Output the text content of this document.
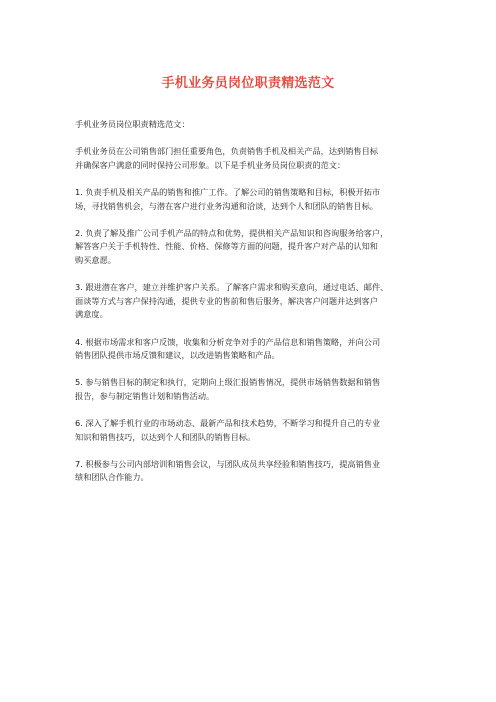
手机业务员岗位职责精选范文

手机业务员岗位职责精选范文：

手机业务员在公司销售部门担任重要角色，负责销售手机及相关产品，达到销售目标
并确保客户满意的同时保持公司形象。以下是手机业务员岗位职责的范文：

1. 负责手机及相关产品的销售和推广工作。了解公司的销售策略和目标，积极开拓市
场，寻找销售机会，与潜在客户进行业务沟通和洽谈，达到个人和团队的销售目标。

2. 负责了解及推广公司手机产品的特点和优势，提供相关产品知识和咨询服务给客户，
解答客户关于手机特性、性能、价格、保修等方面的问题，提升客户对产品的认知和
购买意愿。

3. 跟进潜在客户，建立并维护客户关系。了解客户需求和购买意向，通过电话、邮件、
面谈等方式与客户保持沟通，提供专业的售前和售后服务，解决客户问题并达到客户
满意度。

4. 根据市场需求和客户反馈，收集和分析竞争对手的产品信息和销售策略，并向公司
销售团队提供市场反馈和建议，以改进销售策略和产品。

5. 参与销售目标的制定和执行，定期向上级汇报销售情况，提供市场销售数据和销售
报告，参与制定销售计划和销售活动。

6. 深入了解手机行业的市场动态、最新产品和技术趋势，不断学习和提升自己的专业
知识和销售技巧，以达到个人和团队的销售目标。

7. 积极参与公司内部培训和销售会议，与团队成员共享经验和销售技巧，提高销售业
绩和团队合作能力。
